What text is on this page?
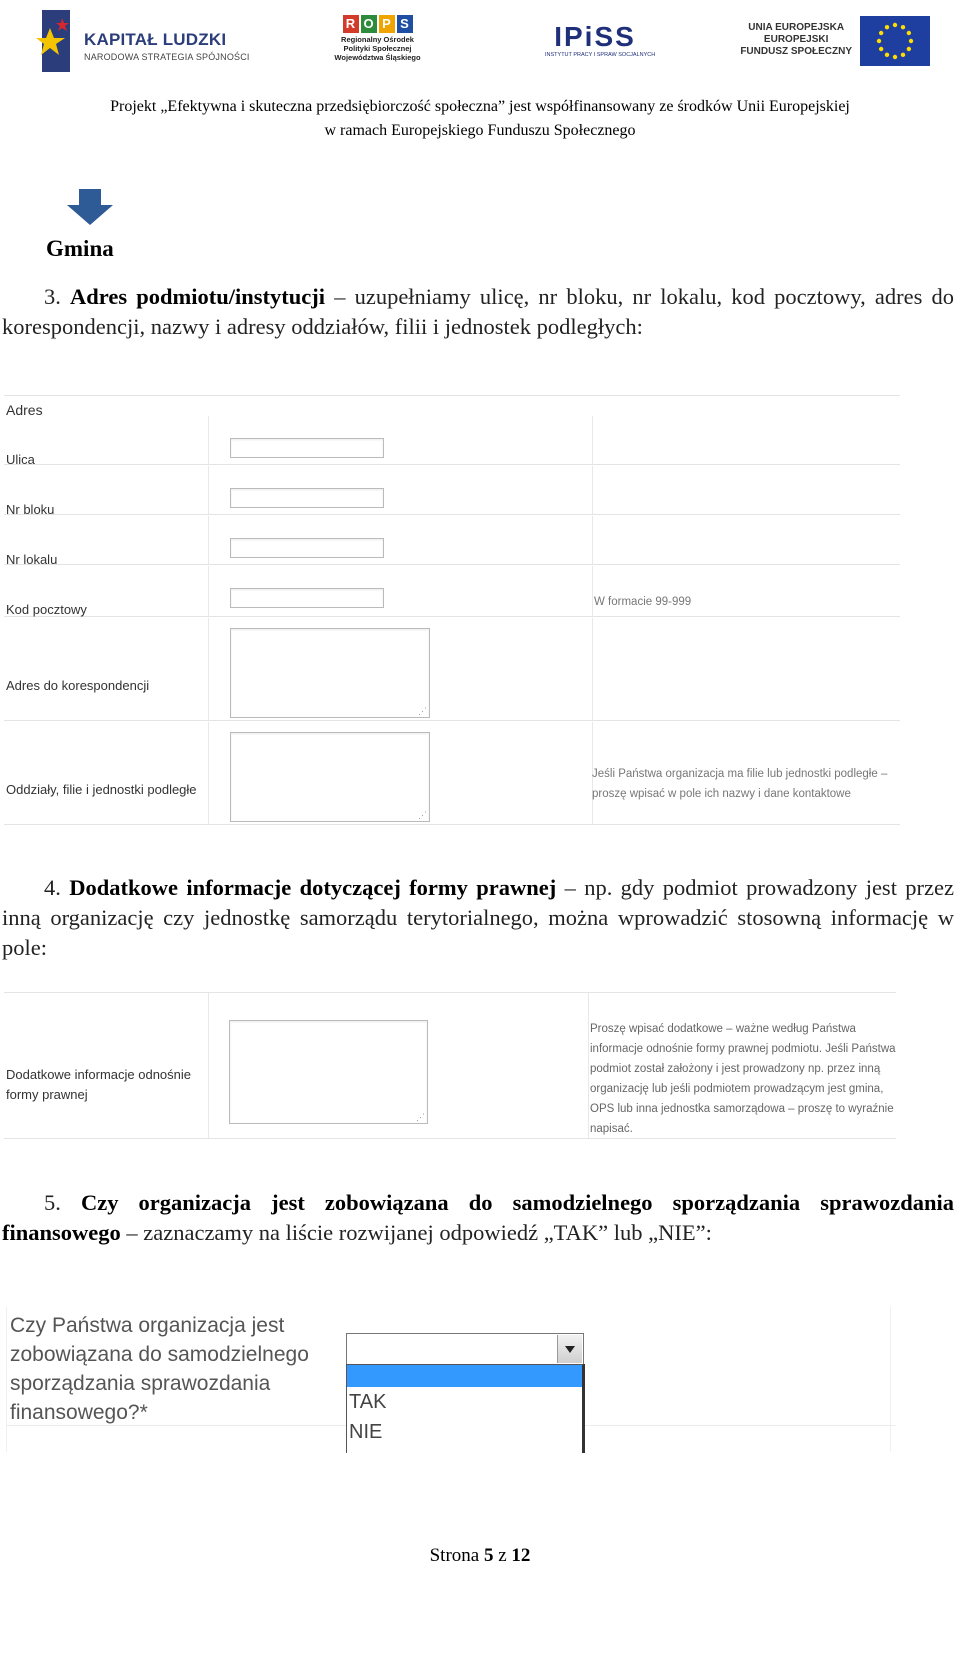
KAPITAŁ LUDZKI
NARODOWA STRATEGIA SPÓJNOŚCI
R O P S
Regionalny Ośrodek
Polityki Społecznej
Województwa Śląskiego
IPiSS
INSTYTUT PRACY I SPRAW SOCJALNYCH
UNIA EUROPEJSKA
EUROPEJSKI
FUNDUSZ SPOŁECZNY
Projekt „Efektywna i skuteczna przedsiębiorczość społeczna” jest współfinansowany ze środków Unii Europejskiej
w ramach Europejskiego Funduszu Społecznego
Gmina
3. Adres podmiotu/instytucji – uzupełniamy ulicę, nr bloku, nr lokalu, kod pocztowy, adres do korespondencji, nazwy i adresy oddziałów, filii i jednostek podległych:
Adres
Ulica
Nr bloku
Nr lokalu
Kod pocztowy	W formacie 99-999
Adres do korespondencji
⋰
Oddziały, filie i jednostki podległe
⋰
Jeśli Państwa organizacja ma filie lub jednostki podległe –
proszę wpisać w pole ich nazwy i dane kontaktowe
4. Dodatkowe informacje dotyczącej formy prawnej – np. gdy podmiot prowadzony jest przez inną organizację czy jednostkę samorządu terytorialnego, można wprowadzić stosowną informację w pole:
Dodatkowe informacje odnośnie
formy prawnej
⋰
Proszę wpisać dodatkowe – ważne według Państwa
informacje odnośnie formy prawnej podmiotu. Jeśli Państwa
podmiot został założony i jest prowadzony np. przez inną
organizację lub jeśli podmiotem prowadzącym jest gmina,
OPS lub inna jednostka samorządowa – proszę to wyraźnie
napisać.
5. Czy organizacja jest zobowiązana do samodzielnego sporządzania sprawozdania finansowego – zaznaczamy na liście rozwijanej odpowiedź „TAK” lub „NIE”:
Czy Państwa organizacja jest
zobowiązana do samodzielnego
sporządzania sprawozdania
finansowego?*	TAK
NIE
Strona 5 z 12
